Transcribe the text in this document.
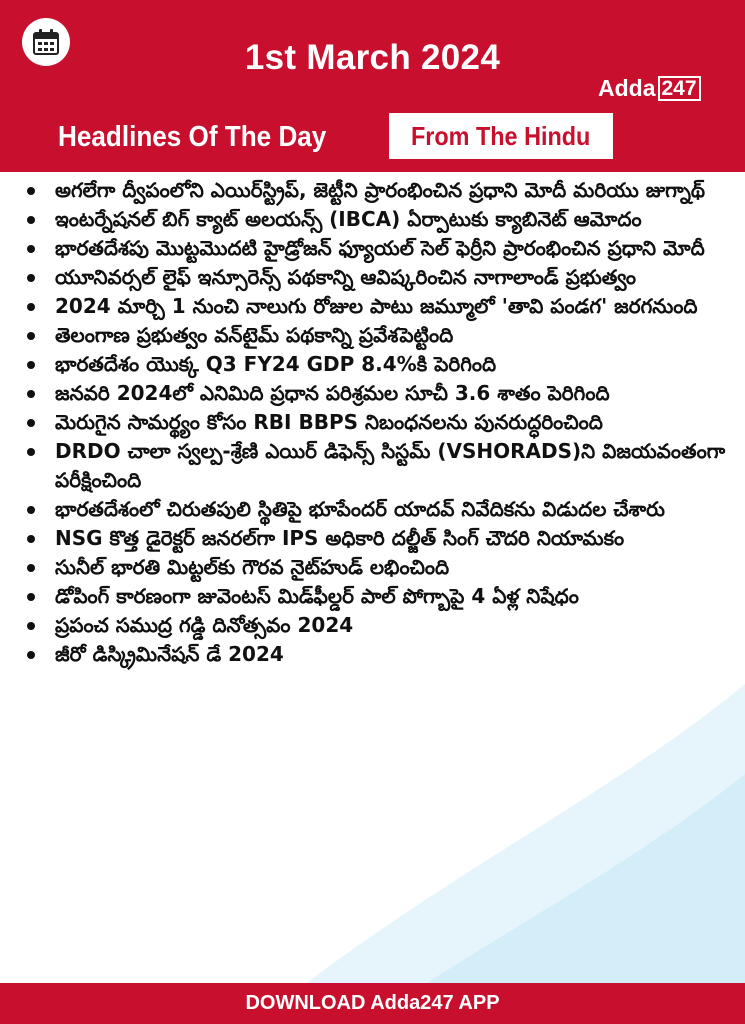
1st March 2024
Adda 247
Headlines Of The Day	From The Hindu
అగలేగా ద్వీపంలోని ఎయిర్‌స్ట్రిప్, జెట్టీని ప్రారంభించిన ప్రధాని మోదీ మరియు జుగ్నాథ్
ఇంటర్నేషనల్ బిగ్ క్యాట్ అలయన్స్ (IBCA) ఏర్పాటుకు క్యాబినెట్ ఆమోదం
భారతదేశపు మొట్టమొదటి హైడ్రోజన్ ఫ్యూయల్ సెల్ ఫెర్రీని ప్రారంభించిన ప్రధాని మోదీ
యూనివర్సల్ లైఫ్ ఇన్సూరెన్స్ పథకాన్ని ఆవిష్కరించిన నాగాలాండ్ ప్రభుత్వం
2024 మార్చి 1 నుంచి నాలుగు రోజుల పాటు జమ్మూలో 'తావి పండగ' జరగనుంది
తెలంగాణ ప్రభుత్వం వన్‌టైమ్ పథకాన్ని ప్రవేశపెట్టింది
భారతదేశం యొక్క Q3 FY24 GDP 8.4%కి పెరిగింది
జనవరి 2024లో ఎనిమిది ప్రధాన పరిశ్రమల సూచీ 3.6 శాతం పెరిగింది
మెరుగైన సామర్థ్యం కోసం RBI BBPS నిబంధనలను పునరుద్ధరించింది
DRDO చాలా స్వల్ప-శ్రేణి ఎయిర్ డిఫెన్స్ సిస్టమ్ (VSHORADS)ని విజయవంతంగా పరీక్షించింది
భారతదేశంలో చిరుతపులి స్థితిపై భూపేందర్ యాదవ్ నివేదికను విడుదల చేశారు
NSG కొత్త డైరెక్టర్ జనరల్‌గా IPS అధికారి దల్జీత్ సింగ్ చౌదరి నియామకం
సునీల్ భారతి మిట్టల్‌కు గౌరవ నైట్‌హుడ్ లభించింది
డోపింగ్ కారణంగా జువెంటస్ మిడ్‌ఫీల్డర్ పాల్ పోగ్బాపై 4 ఏళ్ల నిషేధం
ప్రపంచ సముద్ర గడ్డి దినోత్సవం 2024
జీరో డిస్క్రిమినేషన్ డే 2024
DOWNLOAD Adda247 APP
